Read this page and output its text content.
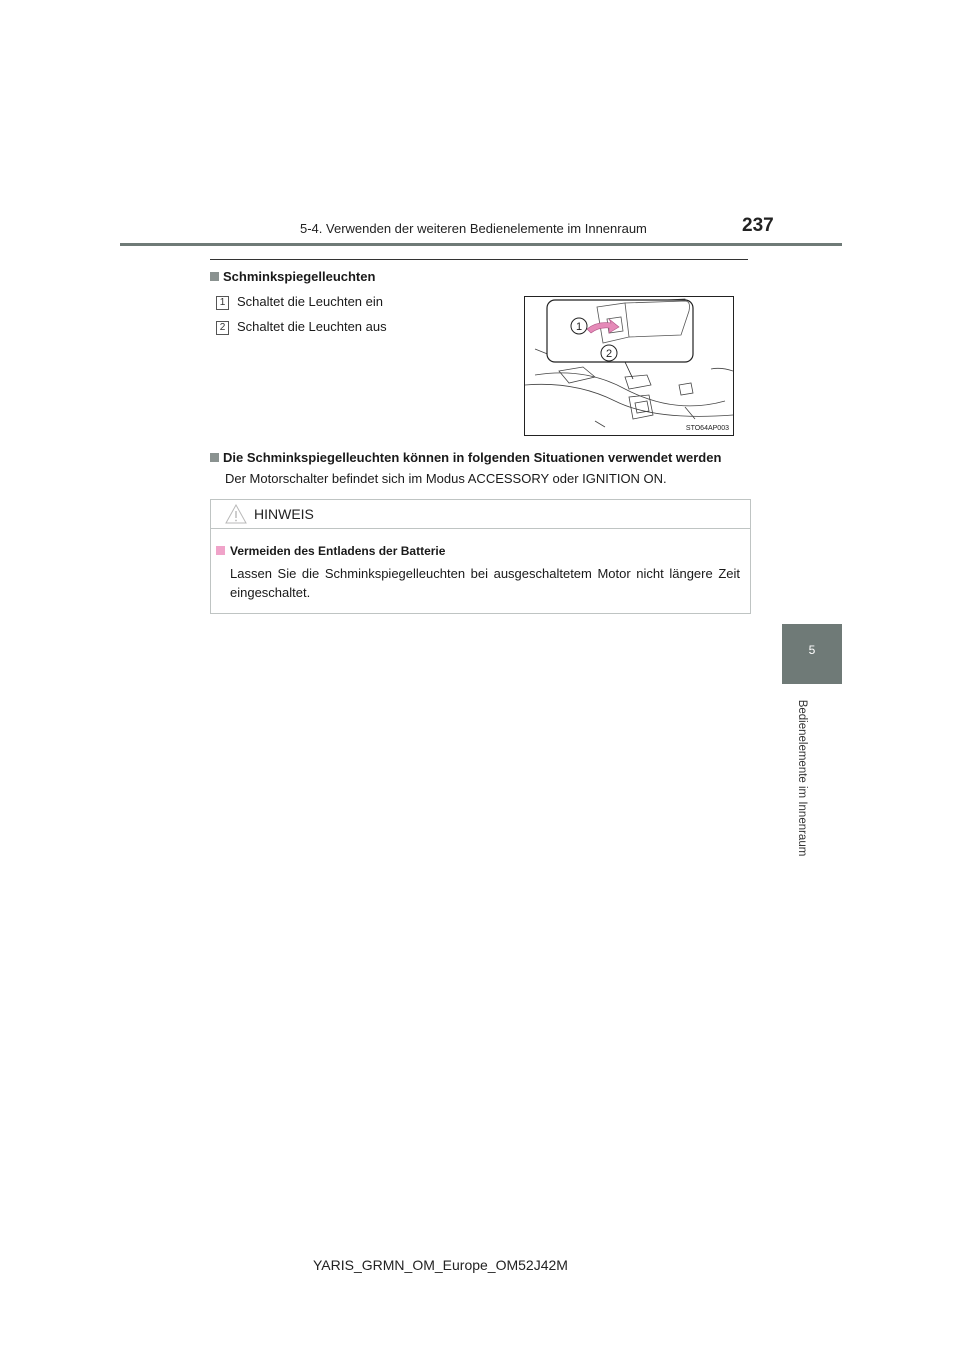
5-4. Verwenden der weiteren Bedienelemente im Innenraum	237
5
Bedienelemente im Innenraum
Schminkspiegelleuchten
1 Schaltet die Leuchten ein
2 Schaltet die Leuchten aus	1
2
STO64AP003
Die Schminkspiegelleuchten können in folgenden Situationen verwendet werden
Der Motorschalter befindet sich im Modus ACCESSORY oder IGNITION ON.
HINWEIS
Vermeiden des Entladens der Batterie
Lassen Sie die Schminkspiegelleuchten bei ausgeschaltetem Motor nicht längere Zeit eingeschaltet.
YARIS_GRMN_OM_Europe_OM52J42M
